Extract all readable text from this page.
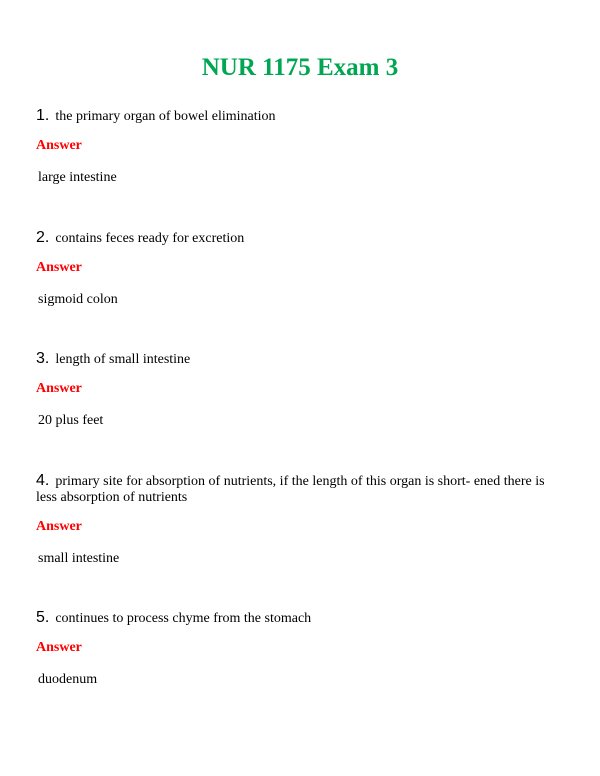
NUR 1175 Exam 3
1. the primary organ of bowel elimination
Answer
large intestine
2. contains feces ready for excretion
Answer
sigmoid colon
3. length of small intestine
Answer
20 plus feet
4. primary site for absorption of nutrients, if the length of this organ is short- ened there is less absorption of nutrients
Answer
small intestine
5. continues to process chyme from the stomach
Answer
duodenum
